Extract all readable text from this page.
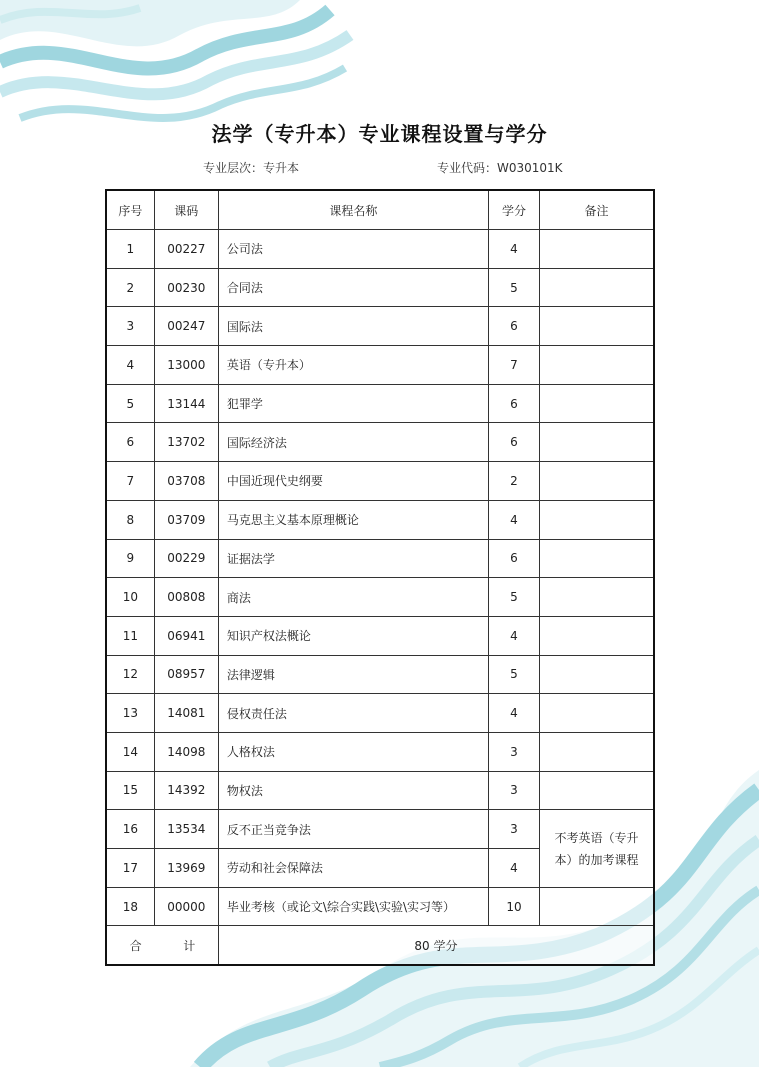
法学（专升本）专业课程设置与学分
专业层次：专升本	专业代码：W030101K
序号	课码	课程名称	学分	备注
1	00227	公司法	4	
2	00230	合同法	5	
3	00247	国际法	6	
4	13000	英语（专升本）	7	
5	13144	犯罪学	6	
6	13702	国际经济法	6	
7	03708	中国近现代史纲要	2	
8	03709	马克思主义基本原理概论	4	
9	00229	证据法学	6	
10	00808	商法	5	
11	06941	知识产权法概论	4	
12	08957	法律逻辑	5	
13	14081	侵权责任法	4	
14	14098	人格权法	3	
15	14392	物权法	3	
16	13534	反不正当竞争法	3	不考英语（专升本）的加考课程
17	13969	劳动和社会保障法	4	
18	00000	毕业考核（或论文\综合实践\实验\实习等）	10	
合 计		80 学分		
